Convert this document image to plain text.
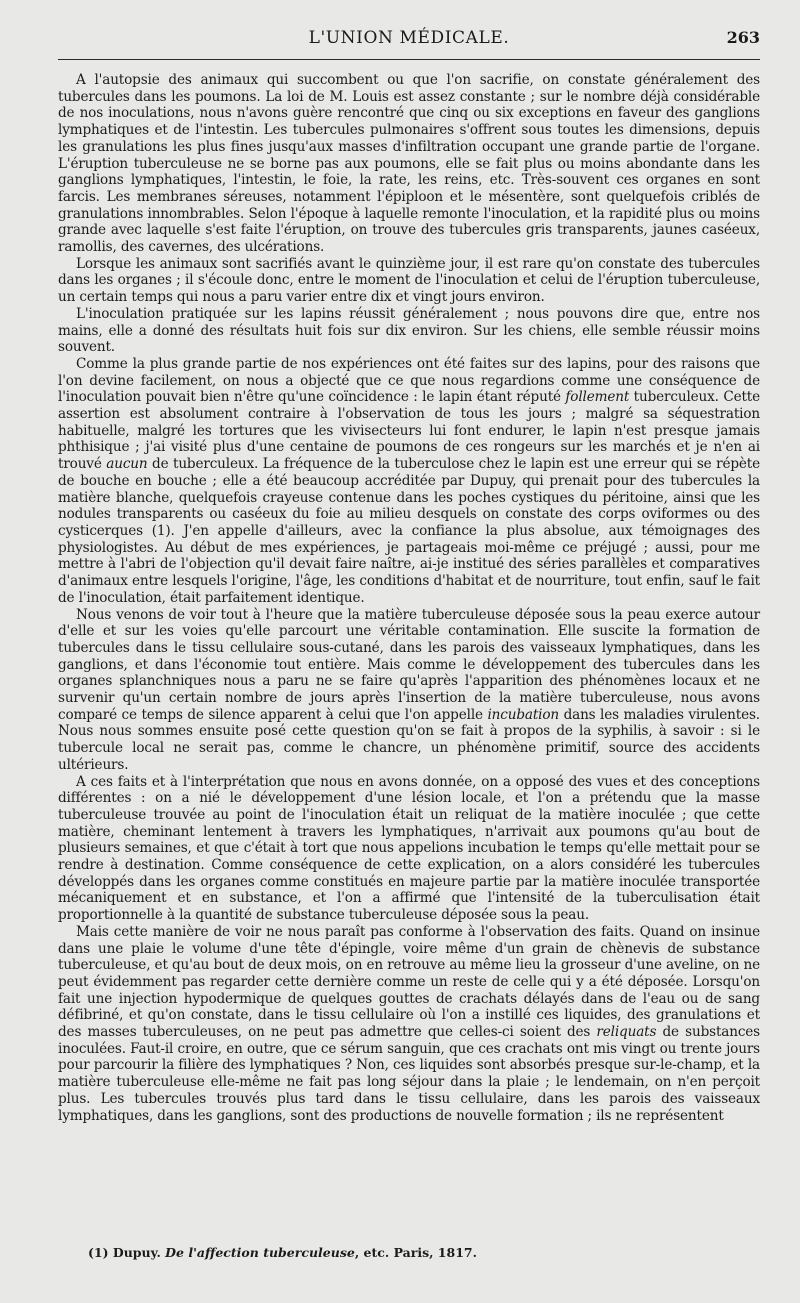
L'UNION MÉDICALE.	263

A l'autopsie des animaux qui succombent ou que l'on sacrifie, on constate généralement des tubercules dans les poumons. La loi de M. Louis est assez constante ; sur le nombre déjà considérable de nos inoculations, nous n'avons guère rencontré que cinq ou six exceptions en faveur des ganglions lymphatiques et de l'intestin. Les tubercules pulmonaires s'offrent sous toutes les dimensions, depuis les granulations les plus fines jusqu'aux masses d'infiltration occupant une grande partie de l'organe. L'éruption tuberculeuse ne se borne pas aux poumons, elle se fait plus ou moins abondante dans les ganglions lymphatiques, l'intestin, le foie, la rate, les reins, etc. Très-souvent ces organes en sont farcis. Les membranes séreuses, notamment l'épiploon et le mésentère, sont quelquefois criblés de granulations innombrables. Selon l'époque à laquelle remonte l'inoculation, et la rapidité plus ou moins grande avec laquelle s'est faite l'éruption, on trouve des tubercules gris transparents, jaunes caséeux, ramollis, des cavernes, des ulcérations.

Lorsque les animaux sont sacrifiés avant le quinzième jour, il est rare qu'on constate des tubercules dans les organes ; il s'écoule donc, entre le moment de l'inoculation et celui de l'éruption tuberculeuse, un certain temps qui nous a paru varier entre dix et vingt jours environ.

L'inoculation pratiquée sur les lapins réussit généralement ; nous pouvons dire que, entre nos mains, elle a donné des résultats huit fois sur dix environ. Sur les chiens, elle semble réussir moins souvent.

Comme la plus grande partie de nos expériences ont été faites sur des lapins, pour des raisons que l'on devine facilement, on nous a objecté que ce que nous regardions comme une conséquence de l'inoculation pouvait bien n'être qu'une coïncidence : le lapin étant réputé follement tuberculeux. Cette assertion est absolument contraire à l'observation de tous les jours ; malgré sa séquestration habituelle, malgré les tortures que les vivisecteurs lui font endurer, le lapin n'est presque jamais phthisique ; j'ai visité plus d'une centaine de poumons de ces rongeurs sur les marchés et je n'en ai trouvé aucun de tuberculeux. La fréquence de la tuberculose chez le lapin est une erreur qui se répète de bouche en bouche ; elle a été beaucoup accréditée par Dupuy, qui prenait pour des tubercules la matière blanche, quelquefois crayeuse contenue dans les poches cystiques du péritoine, ainsi que les nodules transparents ou caséeux du foie au milieu desquels on constate des corps oviformes ou des cysticerques (1). J'en appelle d'ailleurs, avec la confiance la plus absolue, aux témoignages des physiologistes. Au début de mes expériences, je partageais moi-même ce préjugé ; aussi, pour me mettre à l'abri de l'objection qu'il devait faire naître, ai-je institué des séries parallèles et comparatives d'animaux entre lesquels l'origine, l'âge, les conditions d'habitat et de nourriture, tout enfin, sauf le fait de l'inoculation, était parfaitement identique.

Nous venons de voir tout à l'heure que la matière tuberculeuse déposée sous la peau exerce autour d'elle et sur les voies qu'elle parcourt une véritable contamination. Elle suscite la formation de tubercules dans le tissu cellulaire sous-cutané, dans les parois des vaisseaux lymphatiques, dans les ganglions, et dans l'économie tout entière. Mais comme le développement des tubercules dans les organes splanchniques nous a paru ne se faire qu'après l'apparition des phénomènes locaux et ne survenir qu'un certain nombre de jours après l'insertion de la matière tuberculeuse, nous avons comparé ce temps de silence apparent à celui que l'on appelle incubation dans les maladies virulentes. Nous nous sommes ensuite posé cette question qu'on se fait à propos de la syphilis, à savoir : si le tubercule local ne serait pas, comme le chancre, un phénomène primitif, source des accidents ultérieurs.

A ces faits et à l'interprétation que nous en avons donnée, on a opposé des vues et des conceptions différentes : on a nié le développement d'une lésion locale, et l'on a prétendu que la masse tuberculeuse trouvée au point de l'inoculation était un reliquat de la matière inoculée ; que cette matière, cheminant lentement à travers les lymphatiques, n'arrivait aux poumons qu'au bout de plusieurs semaines, et que c'était à tort que nous appelions incubation le temps qu'elle mettait pour se rendre à destination. Comme conséquence de cette explication, on a alors considéré les tubercules développés dans les organes comme constitués en majeure partie par la matière inoculée transportée mécaniquement et en substance, et l'on a affirmé que l'intensité de la tuberculisation était proportionnelle à la quantité de substance tuberculeuse déposée sous la peau.

Mais cette manière de voir ne nous paraît pas conforme à l'observation des faits. Quand on insinue dans une plaie le volume d'une tête d'épingle, voire même d'un grain de chènevis de substance tuberculeuse, et qu'au bout de deux mois, on en retrouve au même lieu la grosseur d'une aveline, on ne peut évidemment pas regarder cette dernière comme un reste de celle qui y a été déposée. Lorsqu'on fait une injection hypodermique de quelques gouttes de crachats délayés dans de l'eau ou de sang défibriné, et qu'on constate, dans le tissu cellulaire où l'on a instillé ces liquides, des granulations et des masses tuberculeuses, on ne peut pas admettre que celles-ci soient des reliquats de substances inoculées. Faut-il croire, en outre, que ce sérum sanguin, que ces crachats ont mis vingt ou trente jours pour parcourir la filière des lymphatiques ? Non, ces liquides sont absorbés presque sur-le-champ, et la matière tuberculeuse elle-même ne fait pas long séjour dans la plaie ; le lendemain, on n'en perçoit plus. Les tubercules trouvés plus tard dans le tissu cellulaire, dans les parois des vaisseaux lymphatiques, dans les ganglions, sont des productions de nouvelle formation ; ils ne représentent

(1) Dupuy. De l'affection tuberculeuse, etc. Paris, 1817.
